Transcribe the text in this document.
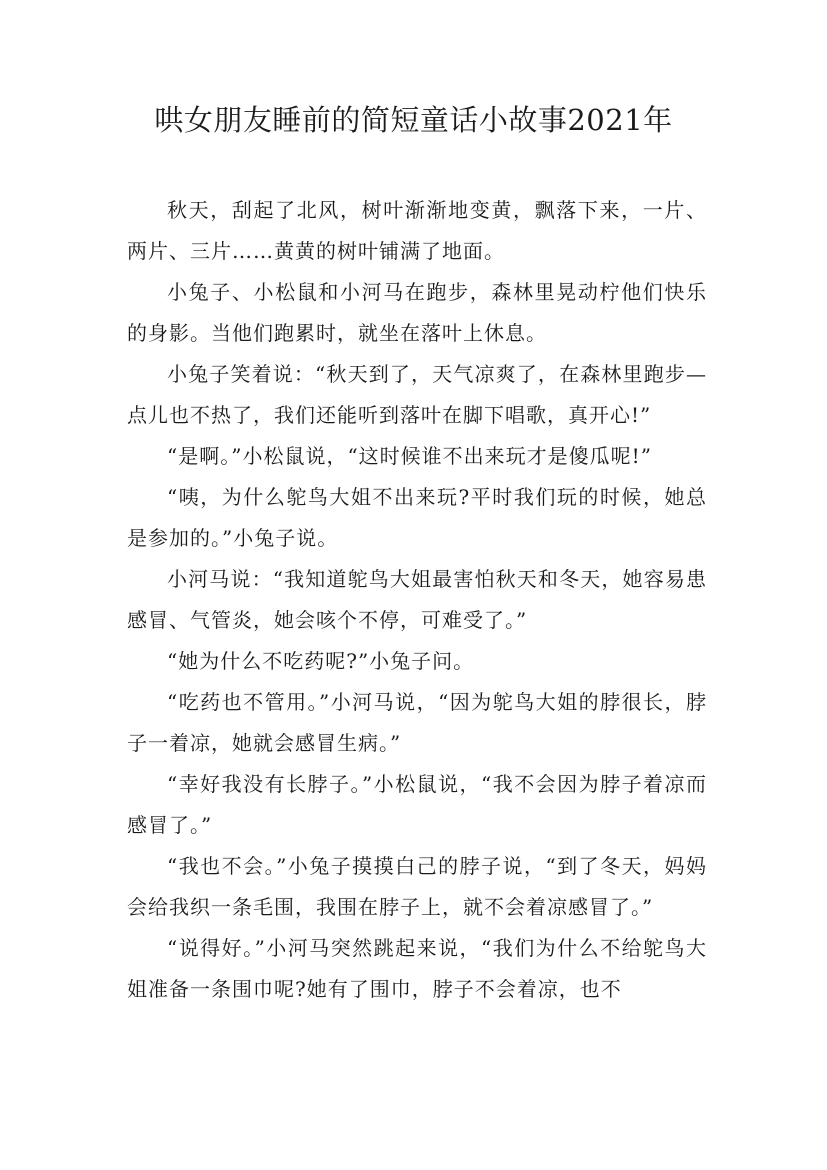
哄女朋友睡前的简短童话小故事2021年

秋天，刮起了北风，树叶渐渐地变黄，飘落下来，一片、两片、三片……黄黄的树叶铺满了地面。

小兔子、小松鼠和小河马在跑步，森林里晃动柠他们快乐的身影。当他们跑累时，就坐在落叶上休息。

小兔子笑着说：“秋天到了，天气凉爽了，在森林里跑步—点儿也不热了，我们还能听到落叶在脚下唱歌，真开心!”

“是啊。”小松鼠说，“这时候谁不出来玩才是傻瓜呢!”

“咦，为什么鸵鸟大姐不出来玩?平时我们玩的时候，她总是参加的。”小兔子说。

小河马说：“我知道鸵鸟大姐最害怕秋天和冬天，她容易患感冒、气管炎，她会咳个不停，可难受了。”

“她为什么不吃药呢?”小兔子问。

“吃药也不管用。”小河马说，“因为鸵鸟大姐的脖很长，脖子一着凉，她就会感冒生病。”

“幸好我没有长脖子。”小松鼠说，“我不会因为脖子着凉而感冒了。”

“我也不会。”小兔子摸摸白己的脖子说，“到了冬天，妈妈会给我织一条毛围，我围在脖子上，就不会着凉感冒了。”

“说得好。”小河马突然跳起来说，“我们为什么不给鸵鸟大姐准备一条围巾呢?她有了围巾，脖子不会着凉，也不
